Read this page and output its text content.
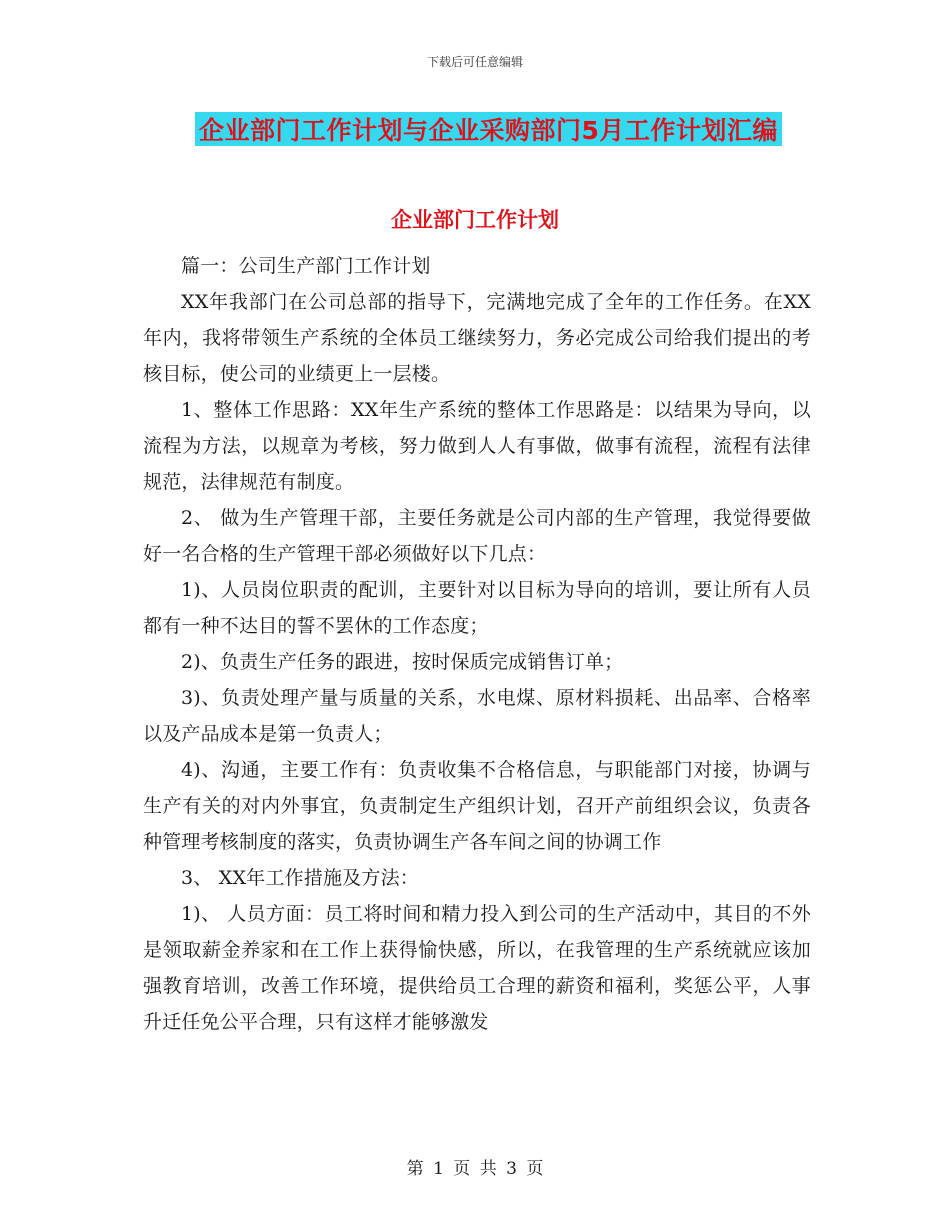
下载后可任意编辑
企业部门工作计划与企业采购部门5月工作计划汇编
企业部门工作计划

篇一：公司生产部门工作计划

XX年我部门在公司总部的指导下，完满地完成了全年的工作任务。在XX年内，我将带领生产系统的全体员工继续努力，务必完成公司给我们提出的考核目标，使公司的业绩更上一层楼。

1、整体工作思路：XX年生产系统的整体工作思路是：以结果为导向，以流程为方法，以规章为考核，努力做到人人有事做，做事有流程，流程有法律规范，法律规范有制度。

2、 做为生产管理干部，主要任务就是公司内部的生产管理，我觉得要做好一名合格的生产管理干部必须做好以下几点：

1)、人员岗位职责的配训，主要针对以目标为导向的培训，要让所有人员都有一种不达目的誓不罢休的工作态度；

2)、负责生产任务的跟进，按时保质完成销售订单；

3)、负责处理产量与质量的关系，水电煤、原材料损耗、出品率、合格率以及产品成本是第一负责人；

4)、沟通，主要工作有：负责收集不合格信息，与职能部门对接，协调与生产有关的对内外事宜，负责制定生产组织计划，召开产前组织会议，负责各种管理考核制度的落实，负责协调生产各车间之间的协调工作

3、 XX年工作措施及方法：

1)、 人员方面：员工将时间和精力投入到公司的生产活动中，其目的不外是领取薪金养家和在工作上获得愉快感，所以，在我管理的生产系统就应该加强教育培训，改善工作环境，提供给员工合理的薪资和福利，奖惩公平，人事升迁任免公平合理，只有这样才能够激发

第 1 页 共 3 页
